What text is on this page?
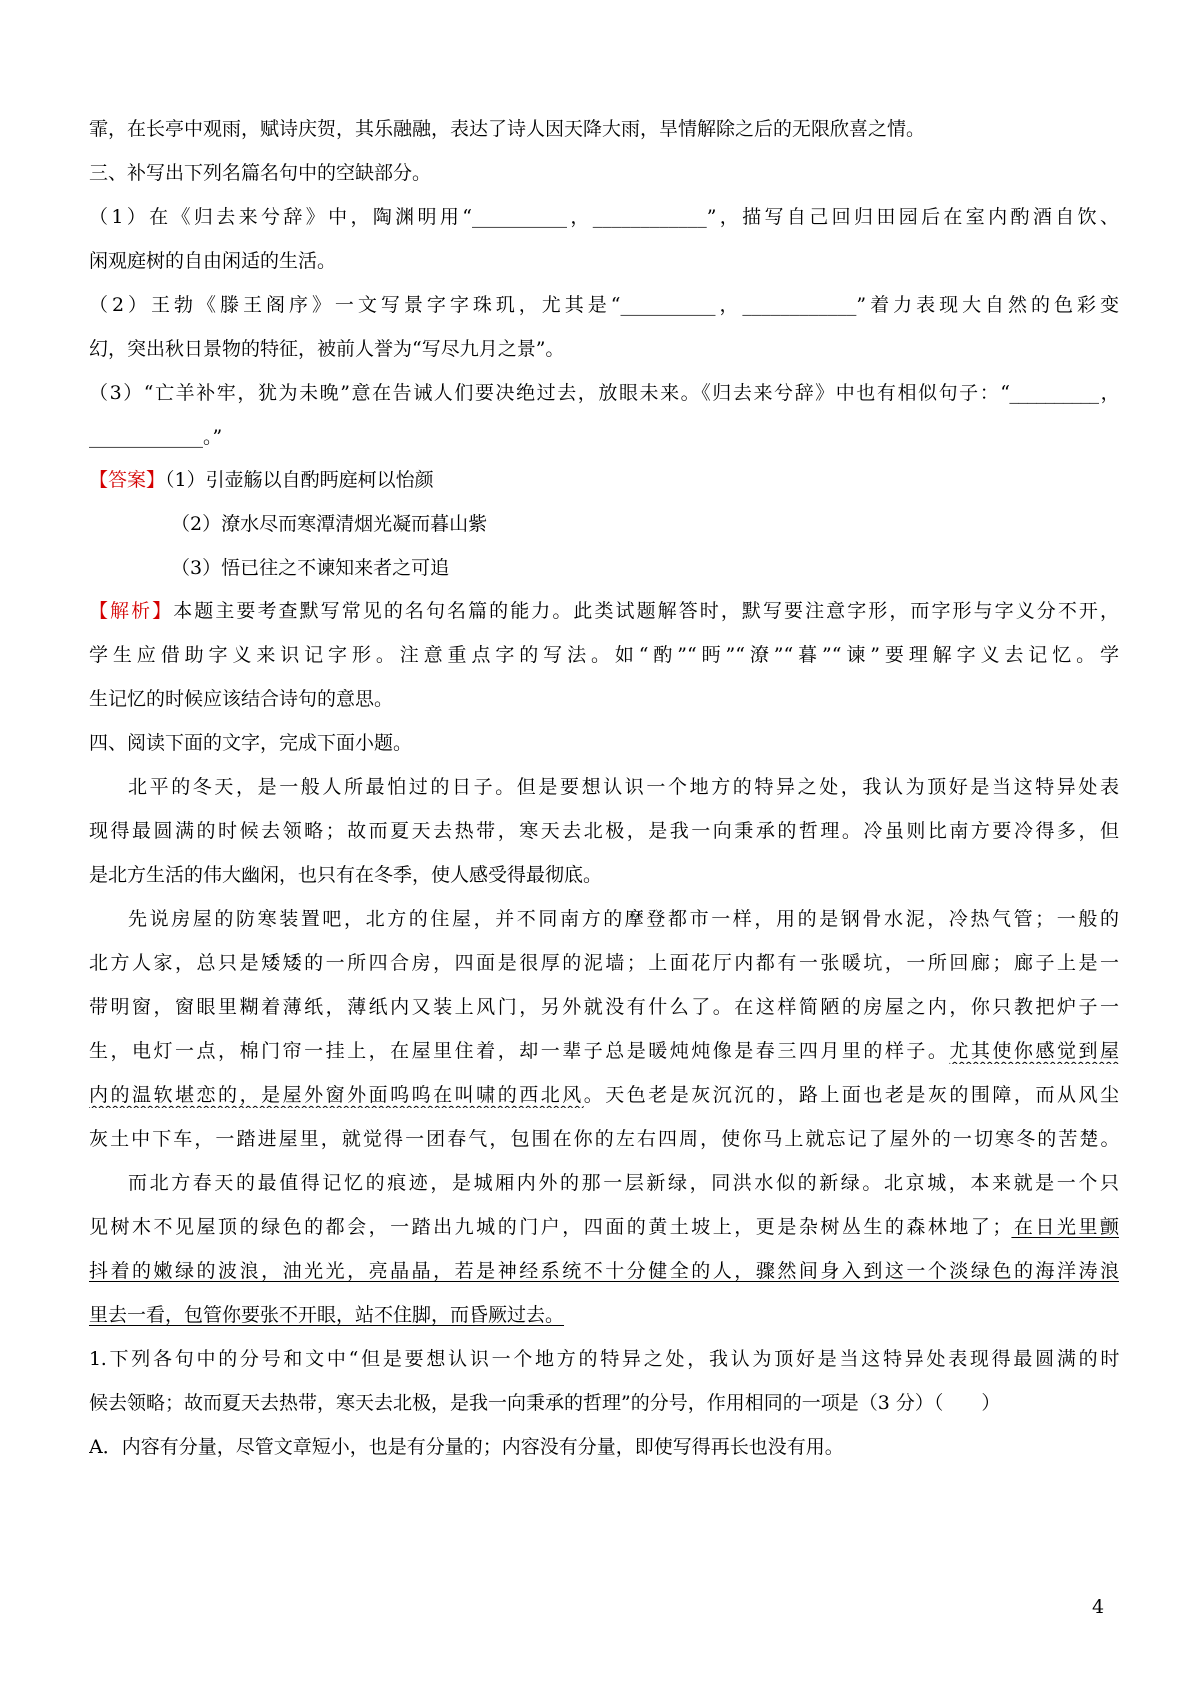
霏，在长亭中观雨，赋诗庆贺，其乐融融，表达了诗人因天降大雨，旱情解除之后的无限欣喜之情。
三、补写出下列名篇名句中的空缺部分。
（1）在《归去来兮辞》中，陶渊明用“__________，____________”，描写自己回归田园后在室内酌酒自饮、
闲观庭树的自由闲适的生活。
（2）王勃《滕王阁序》一文写景字字珠玑，尤其是“__________，____________”着力表现大自然的色彩变
幻，突出秋日景物的特征，被前人誉为“写尽九月之景”。
（3）“亡羊补牢，犹为未晚”意在告诫人们要决绝过去，放眼未来。《归去来兮辞》中也有相似句子：“__________，
____________。”
【答案】（1）引壶觞以自酌眄庭柯以怡颜
（2）潦水尽而寒潭清烟光凝而暮山紫
（3）悟已往之不谏知来者之可追
【解析】本题主要考查默写常见的名句名篇的能力。此类试题解答时，默写要注意字形，而字形与字义分不开，
学生应借助字义来识记字形。注意重点字的写法。如“酌”“眄”“潦”“暮”“谏”要理解字义去记忆。学
生记忆的时候应该结合诗句的意思。
四、阅读下面的文字，完成下面小题。
北平的冬天，是一般人所最怕过的日子。但是要想认识一个地方的特异之处，我认为顶好是当这特异处表
现得最圆满的时候去领略；故而夏天去热带，寒天去北极，是我一向秉承的哲理。冷虽则比南方要冷得多，但
是北方生活的伟大幽闲，也只有在冬季，使人感受得最彻底。
先说房屋的防寒装置吧，北方的住屋，并不同南方的摩登都市一样，用的是钢骨水泥，冷热气管；一般的
北方人家，总只是矮矮的一所四合房，四面是很厚的泥墙；上面花厅内都有一张暖坑，一所回廊；廊子上是一
带明窗，窗眼里糊着薄纸，薄纸内又装上风门，另外就没有什么了。在这样简陋的房屋之内，你只教把炉子一
生，电灯一点，棉门帘一挂上，在屋里住着，却一辈子总是暖炖炖像是春三四月里的样子。尤其使你感觉到屋
内的温软堪恋的，是屋外窗外面呜呜在叫啸的西北风。天色老是灰沉沉的，路上面也老是灰的围障，而从风尘
灰土中下车，一踏进屋里，就觉得一团春气，包围在你的左右四周，使你马上就忘记了屋外的一切寒冬的苦楚。
而北方春天的最值得记忆的痕迹，是城厢内外的那一层新绿，同洪水似的新绿。北京城，本来就是一个只
见树木不见屋顶的绿色的都会，一踏出九城的门户，四面的黄土坡上，更是杂树丛生的森林地了；在日光里颤
抖着的嫩绿的波浪，油光光，亮晶晶，若是神经系统不十分健全的人，骤然间身入到这一个淡绿色的海洋涛浪
里去一看，包管你要张不开眼，站不住脚，而昏厥过去。
1.下列各句中的分号和文中“但是要想认识一个地方的特异之处，我认为顶好是当这特异处表现得最圆满的时
候去领略；故而夏天去热带，寒天去北极，是我一向秉承的哲理”的分号，作用相同的一项是（3 分）（　　）
A．内容有分量，尽管文章短小，也是有分量的；内容没有分量，即使写得再长也没有用。
4
